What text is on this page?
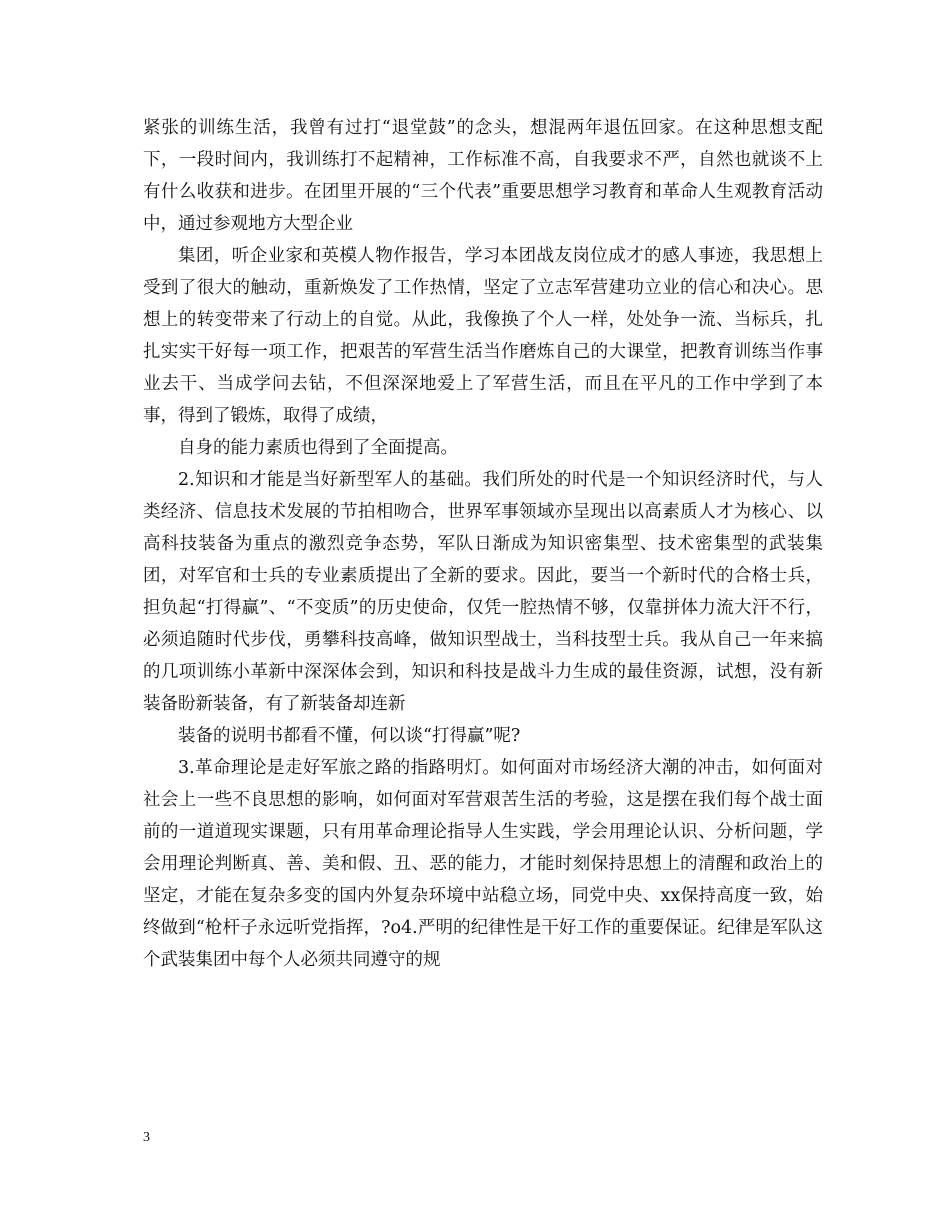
紧张的训练生活，我曾有过打“退堂鼓”的念头，想混两年退伍回家。在这种思想支配下，一段时间内，我训练打不起精神，工作标准不高，自我要求不严，自然也就谈不上有什么收获和进步。在团里开展的“三个代表”重要思想学习教育和革命人生观教育活动中，通过参观地方大型企业

集团，听企业家和英模人物作报告，学习本团战友岗位成才的感人事迹，我思想上受到了很大的触动，重新焕发了工作热情，坚定了立志军营建功立业的信心和决心。思想上的转变带来了行动上的自觉。从此，我像换了个人一样，处处争一流、当标兵，扎扎实实干好每一项工作，把艰苦的军营生活当作磨炼自己的大课堂，把教育训练当作事业去干、当成学问去钻，不但深深地爱上了军营生活，而且在平凡的工作中学到了本事，得到了锻炼，取得了成绩，

自身的能力素质也得到了全面提高。

2.知识和才能是当好新型军人的基础。我们所处的时代是一个知识经济时代，与人类经济、信息技术发展的节拍相吻合，世界军事领域亦呈现出以高素质人才为核心、以高科技装备为重点的激烈竞争态势，军队日渐成为知识密集型、技术密集型的武装集团，对军官和士兵的专业素质提出了全新的要求。因此，要当一个新时代的合格士兵，担负起“打得赢”、“不变质”的历史使命，仅凭一腔热情不够，仅靠拼体力流大汗不行，必须追随时代步伐，勇攀科技高峰，做知识型战士，当科技型士兵。我从自己一年来搞的几项训练小革新中深深体会到，知识和科技是战斗力生成的最佳资源，试想，没有新装备盼新装备，有了新装备却连新

装备的说明书都看不懂，何以谈“打得赢”呢?

3.革命理论是走好军旅之路的指路明灯。如何面对市场经济大潮的冲击，如何面对社会上一些不良思想的影响，如何面对军营艰苦生活的考验，这是摆在我们每个战士面前的一道道现实课题，只有用革命理论指导人生实践，学会用理论认识、分析问题，学会用理论判断真、善、美和假、丑、恶的能力，才能时刻保持思想上的清醒和政治上的坚定，才能在复杂多变的国内外复杂环境中站稳立场，同党中央、xx保持高度一致，始终做到“枪杆子永远听党指挥，?o4.严明的纪律性是干好工作的重要保证。纪律是军队这个武装集团中每个人必须共同遵守的规

3
